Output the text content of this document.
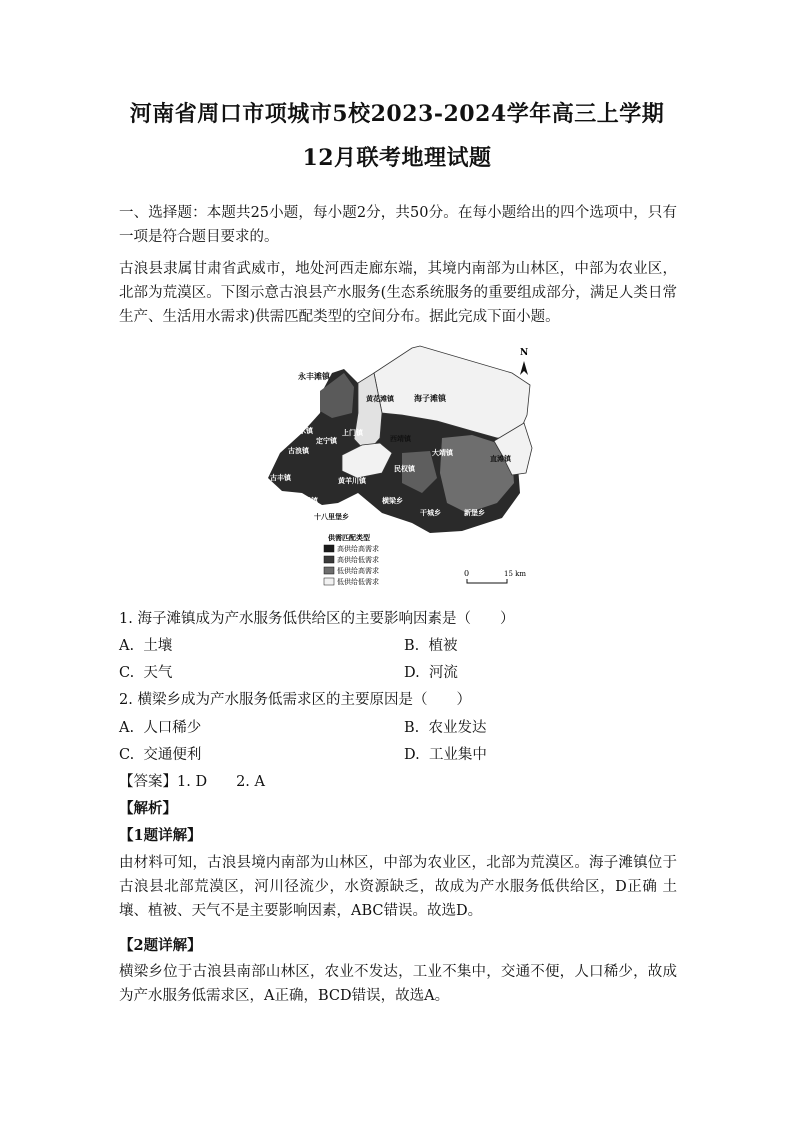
河南省周口市项城市5校2023-2024学年高三上学期
12月联考地理试题
一、选择题：本题共25小题，每小题2分，共50分。在每小题给出的四个选项中，只有一项是符合题目要求的。
古浪县隶属甘肃省武威市，地处河西走廊东端，其境内南部为山林区，中部为农业区，北部为荒漠区。下图示意古浪县产水服务(生态系统服务的重要组成部分，满足人类日常生产、生活用水需求)供需匹配类型的空间分布。据此完成下面小题。
永丰滩镇
海子滩镇
黄花滩镇
上门镇
泗水镇
定宁镇
古浪镇
西靖镇
大靖镇
直滩镇
古丰镇	黄羊川镇
民权镇
黑松驿镇
十八里堡乡
横梁乡
干城乡	新堡乡
N
供需匹配类型
高供给高需求
高供给低需求
低供给高需求
低供给低需求
0	15 km
1. 海子滩镇成为产水服务低供给区的主要影响因素是（　　）
A. 土壤	B. 植被
C. 天气	D. 河流
2. 横梁乡成为产水服务低需求区的主要原因是（　　）
A. 人口稀少	B. 农业发达
C. 交通便利	D. 工业集中
【答案】1. D　　2. A
【解析】
【1题详解】
由材料可知，古浪县境内南部为山林区，中部为农业区，北部为荒漠区。海子滩镇位于古浪县北部荒漠区，河川径流少，水资源缺乏，故成为产水服务低供给区，D正确 土壤、植被、天气不是主要影响因素，ABC错误。故选D。
【2题详解】
横梁乡位于古浪县南部山林区，农业不发达，工业不集中，交通不便，人口稀少，故成为产水服务低需求区，A正确，BCD错误，故选A。
